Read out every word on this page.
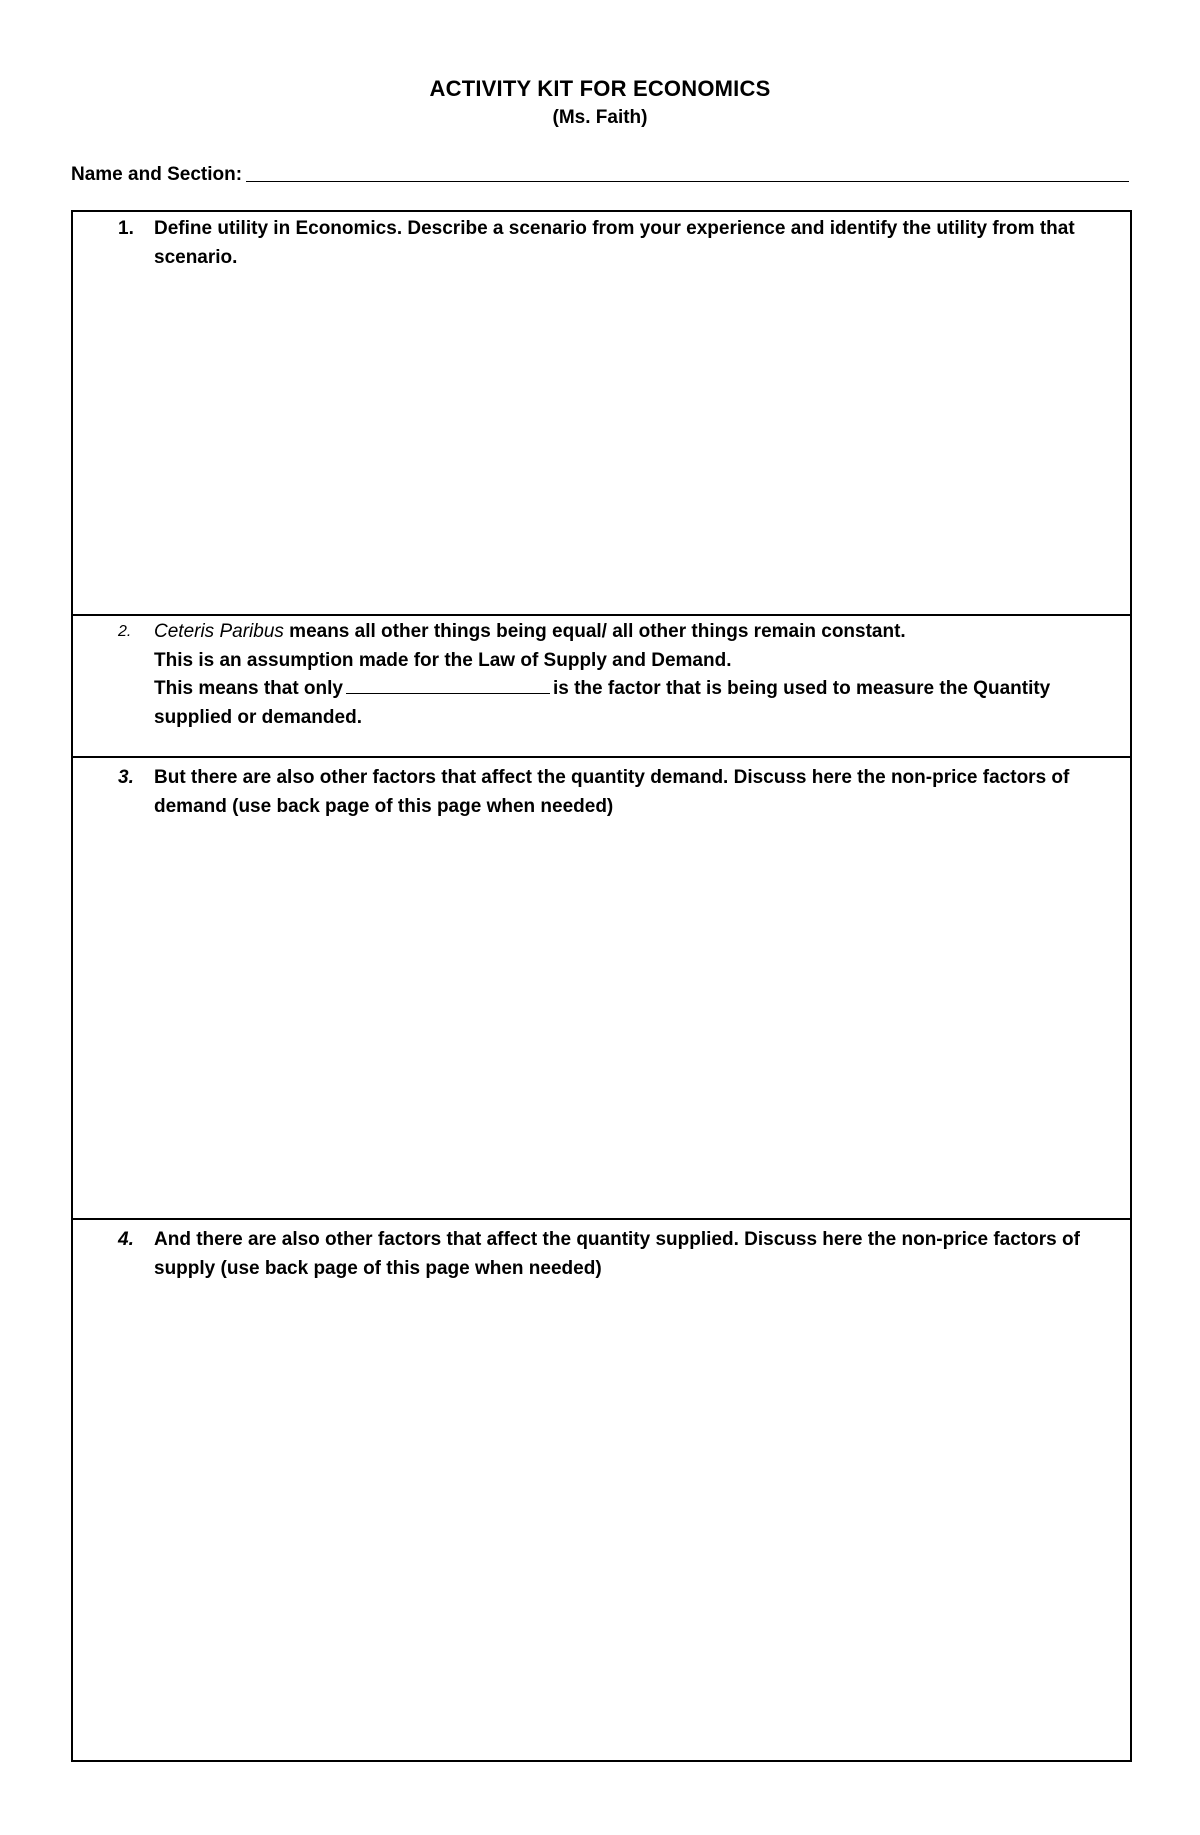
ACTIVITY KIT FOR ECONOMICS
(Ms. Faith)
Name and Section:
1.	Define utility in Economics. Describe a scenario from your experience and identify the utility from that scenario.
2.	Ceteris Paribus means all other things being equal/ all other things remain constant.
This is an assumption made for the Law of Supply and Demand.
This means that only	is the factor that is being used to measure the Quantity supplied or demanded.
3.	But there are also other factors that affect the quantity demand. Discuss here the non-price factors of demand (use back page of this page when needed)
4.	And there are also other factors that affect the quantity supplied. Discuss here the non-price factors of supply (use back page of this page when needed)
